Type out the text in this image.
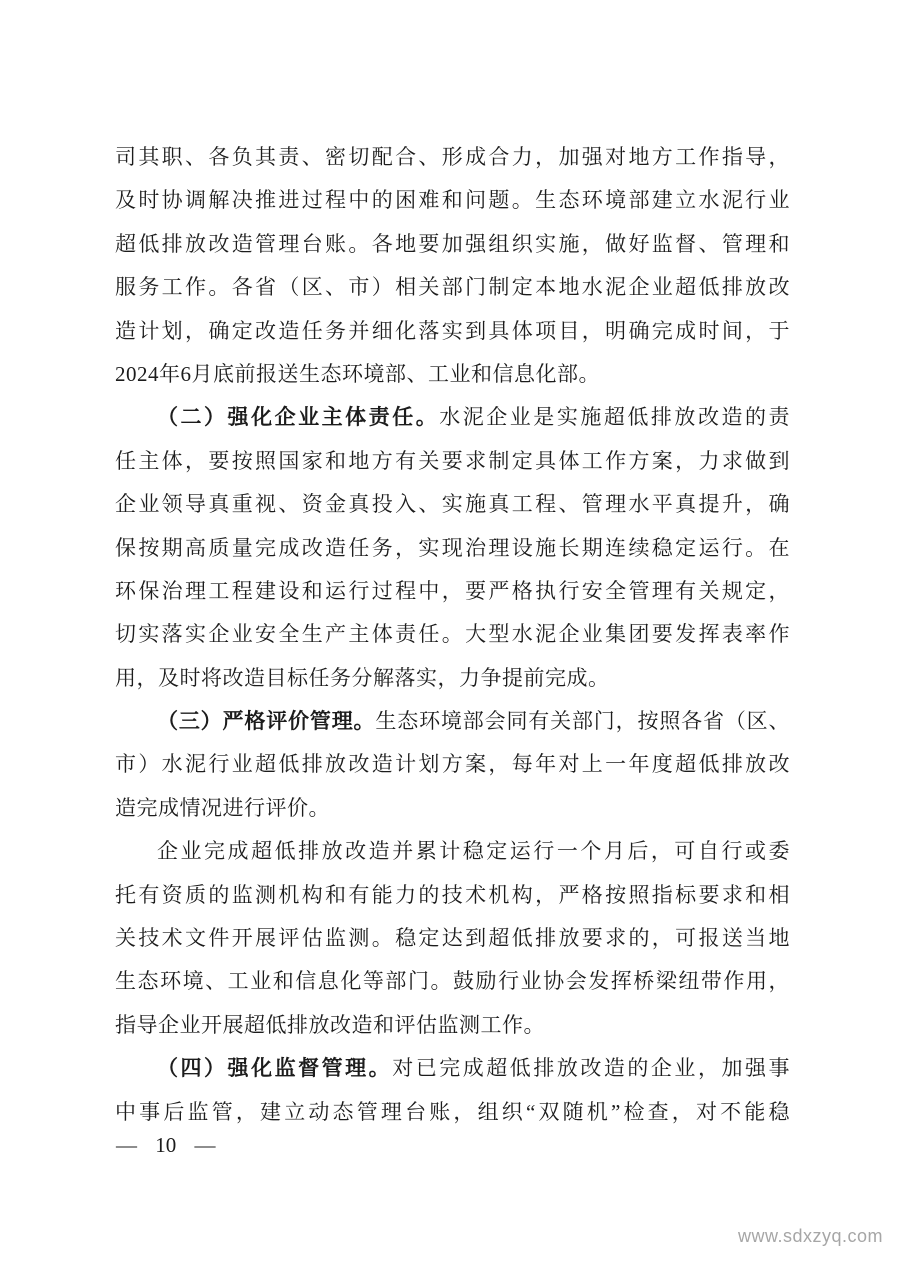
司其职、各负其责、密切配合、形成合力，加强对地方工作指导，
及时协调解决推进过程中的困难和问题。生态环境部建立水泥行业
超低排放改造管理台账。各地要加强组织实施，做好监督、管理和
服务工作。各省（区、市）相关部门制定本地水泥企业超低排放改
造计划，确定改造任务并细化落实到具体项目，明确完成时间，于
2024年6月底前报送生态环境部、工业和信息化部。
（二）强化企业主体责任。水泥企业是实施超低排放改造的责
任主体，要按照国家和地方有关要求制定具体工作方案，力求做到
企业领导真重视、资金真投入、实施真工程、管理水平真提升，确
保按期高质量完成改造任务，实现治理设施长期连续稳定运行。在
环保治理工程建设和运行过程中，要严格执行安全管理有关规定，
切实落实企业安全生产主体责任。大型水泥企业集团要发挥表率作
用，及时将改造目标任务分解落实，力争提前完成。
（三）严格评价管理。生态环境部会同有关部门，按照各省（区、
市）水泥行业超低排放改造计划方案，每年对上一年度超低排放改
造完成情况进行评价。
企业完成超低排放改造并累计稳定运行一个月后，可自行或委
托有资质的监测机构和有能力的技术机构，严格按照指标要求和相
关技术文件开展评估监测。稳定达到超低排放要求的，可报送当地
生态环境、工业和信息化等部门。鼓励行业协会发挥桥梁纽带作用，
指导企业开展超低排放改造和评估监测工作。
（四）强化监督管理。对已完成超低排放改造的企业，加强事
中事后监管，建立动态管理台账，组织“双随机”检查，对不能稳
— 10 —
www.sdxzyq.com
